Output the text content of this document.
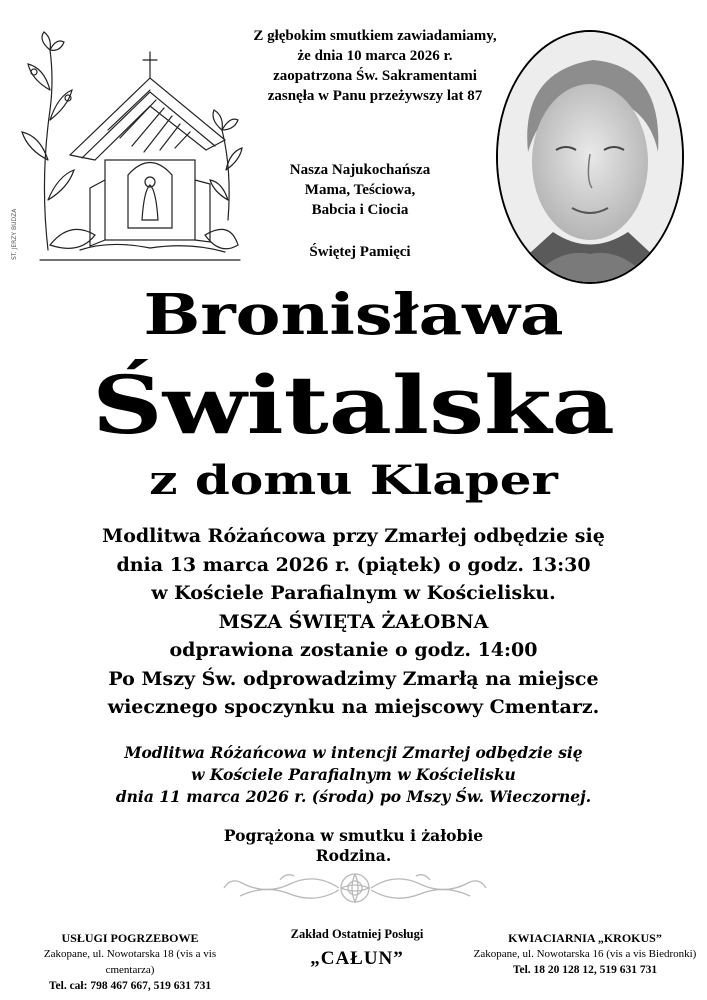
ST. JERZY BUDZA
Z głębokim smutkiem zawiadamiamy,
że dnia 10 marca 2026 r.
zaopatrzona Św. Sakramentami
zasnęła w Panu przeżywszy lat 87
Nasza Najukochańsza
Mama, Teściowa,
Babcia i Ciocia
Świętej Pamięci
Bronisława
Świtalska
z domu Klaper
Modlitwa Różańcowa przy Zmarłej odbędzie się
dnia 13 marca 2026 r. (piątek) o godz. 13:30
w Kościele Parafialnym w Kościelisku.
MSZA ŚWIĘTA ŻAŁOBNA
odprawiona zostanie o godz. 14:00
Po Mszy Św. odprowadzimy Zmarłą na miejsce
wiecznego spoczynku na miejscowy Cmentarz.
Modlitwa Różańcowa w intencji Zmarłej odbędzie się
w Kościele Parafialnym w Kościelisku
dnia 11 marca 2026 r. (środa) po Mszy Św. Wieczornej.
Pogrążona w smutku i żałobie
Rodzina.
USŁUGI POGRZEBOWE
Zakopane, ul. Nowotarska 18 (vis a vis cmentarza)
Tel. cał: 798 467 667, 519 631 731
Zakład Ostatniej Posługi
„CAŁUN”
KWIACIARNIA „KROKUS”
Zakopane, ul. Nowotarska 16 (vis a vis Biedronki)
Tel. 18 20 128 12, 519 631 731
